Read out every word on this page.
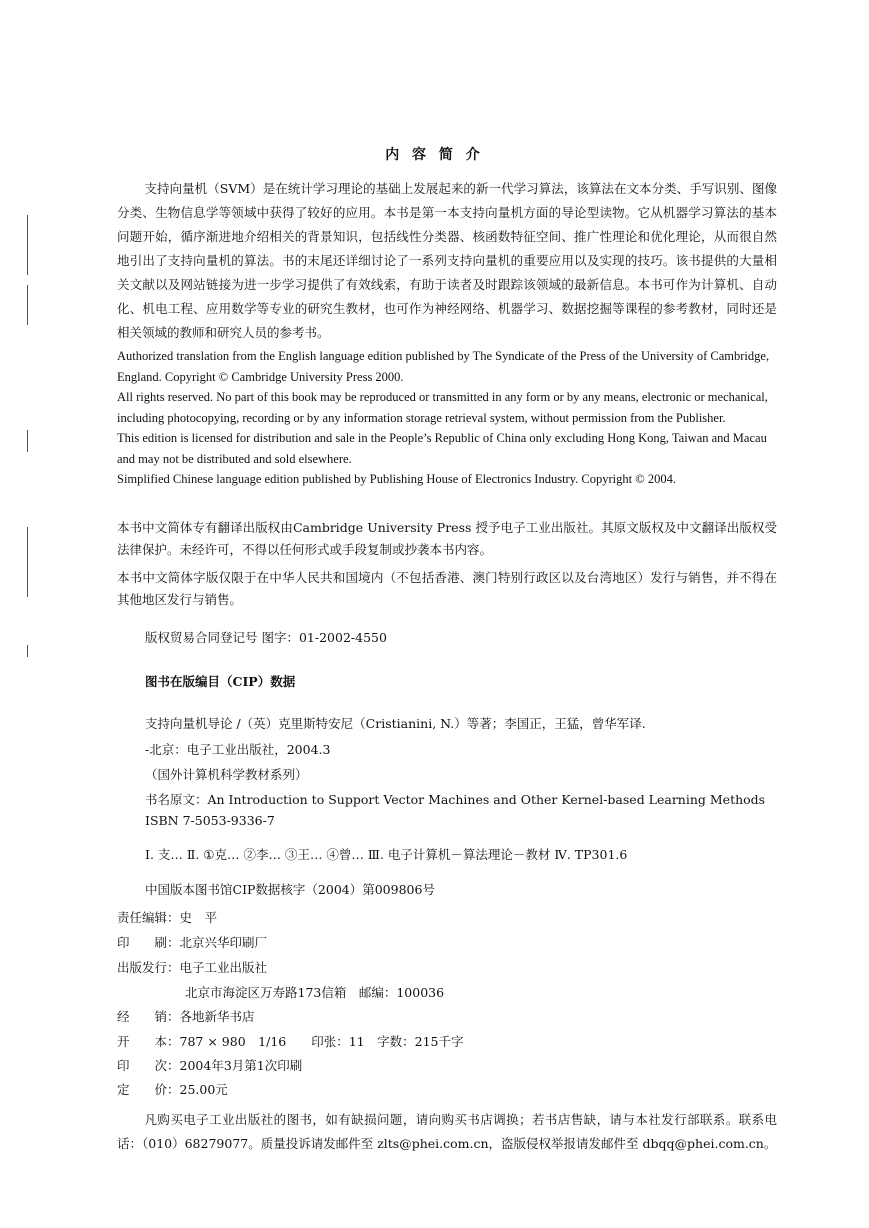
内 容 简 介
支持向量机（SVM）是在统计学习理论的基础上发展起来的新一代学习算法，该算法在文本分类、手写识别、图像分类、生物信息学等领域中获得了较好的应用。本书是第一本支持向量机方面的导论型读物。它从机器学习算法的基本问题开始，循序渐进地介绍相关的背景知识，包括线性分类器、核函数特征空间、推广性理论和优化理论，从而很自然地引出了支持向量机的算法。书的末尾还详细讨论了一系列支持向量机的重要应用以及实现的技巧。该书提供的大量相关文献以及网站链接为进一步学习提供了有效线索，有助于读者及时跟踪该领域的最新信息。本书可作为计算机、自动化、机电工程、应用数学等专业的研究生教材，也可作为神经网络、机器学习、数据挖掘等课程的参考教材，同时还是相关领域的教师和研究人员的参考书。

Authorized translation from the English language edition published by The Syndicate of the Press of the University of Cambridge, England. Copyright © Cambridge University Press 2000.

All rights reserved. No part of this book may be reproduced or transmitted in any form or by any means, electronic or mechanical, including photocopying, recording or by any information storage retrieval system, without permission from the Publisher.

This edition is licensed for distribution and sale in the People’s Republic of China only excluding Hong Kong, Taiwan and Macau and may not be distributed and sold elsewhere.

Simplified Chinese language edition published by Publishing House of Electronics Industry. Copyright © 2004.

本书中文简体专有翻译出版权由Cambridge University Press 授予电子工业出版社。其原文版权及中文翻译出版权受法律保护。未经许可，不得以任何形式或手段复制或抄袭本书内容。
本书中文简体字版仅限于在中华人民共和国境内（不包括香港、澳门特别行政区以及台湾地区）发行与销售，并不得在其他地区发行与销售。
版权贸易合同登记号 图字：01-2002-4550
图书在版编目（CIP）数据
支持向量机导论 /（英）克里斯特安尼（Cristianini, N.）等著；李国正，王猛，曾华军译.
-北京：电子工业出版社，2004.3
（国外计算机科学教材系列）
书名原文：An Introduction to Support Vector Machines and Other Kernel-based Learning Methods
ISBN 7-5053-9336-7
Ⅰ. 支… Ⅱ. ①克… ②李… ③王… ④曾… Ⅲ. 电子计算机－算法理论－教材 Ⅳ. TP301.6
中国版本图书馆CIP数据核字（2004）第009806号
责任编辑：史　平
印　　刷：北京兴华印刷厂
出版发行：电子工业出版社
北京市海淀区万寿路173信箱　邮编：100036
经　　销：各地新华书店
开　　本：787 × 980　1/16　　印张：11　字数：215千字
印　　次：2004年3月第1次印刷
定　　价：25.00元
凡购买电子工业出版社的图书，如有缺损问题，请向购买书店调换；若书店售缺，请与本社发行部联系。联系电话：（010）68279077。质量投诉请发邮件至 zlts@phei.com.cn，盗版侵权举报请发邮件至 dbqq@phei.com.cn。
